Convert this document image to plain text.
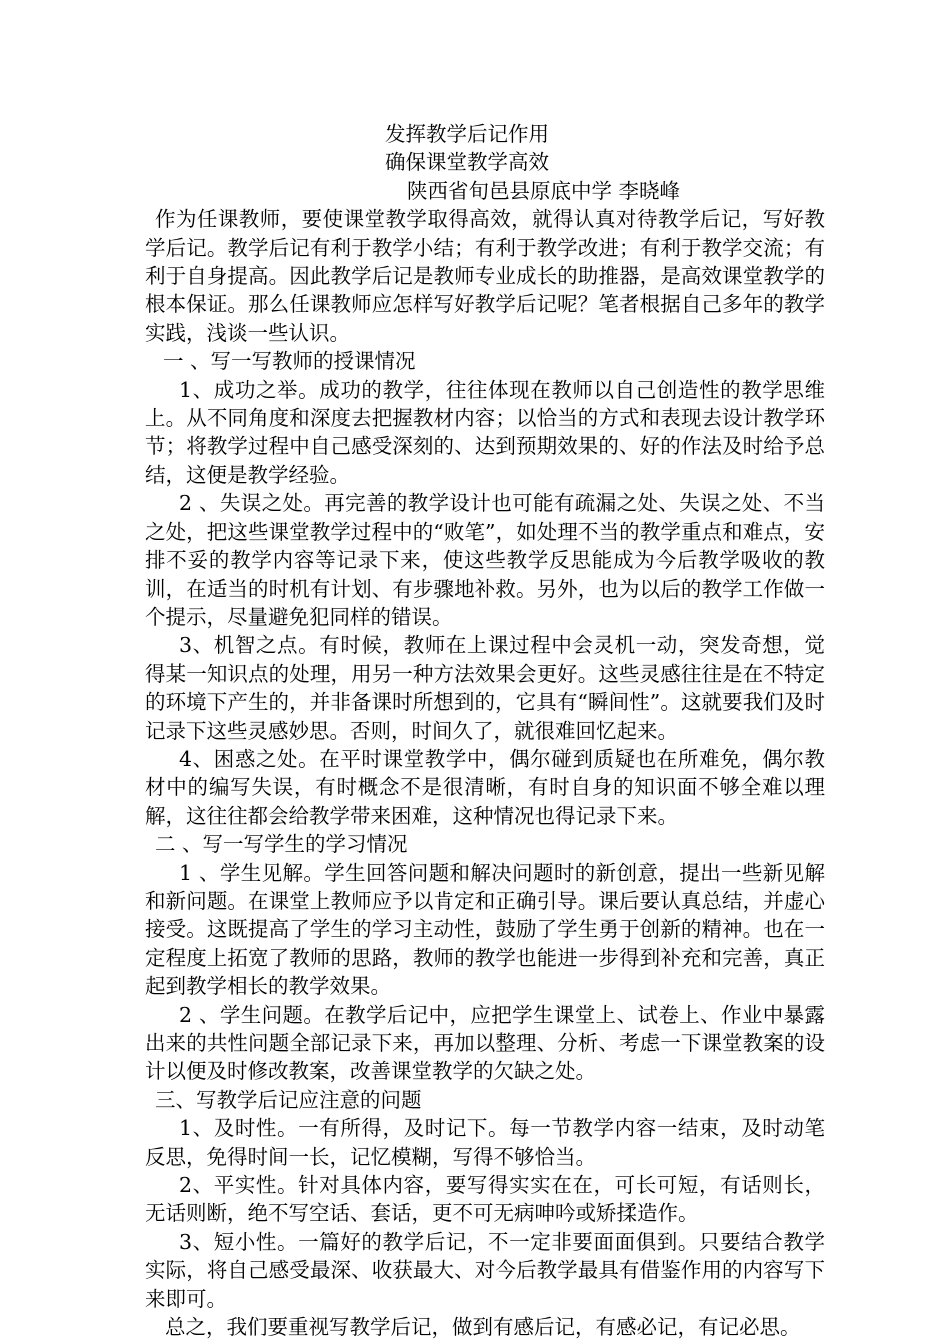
发挥教学后记作用

确保课堂教学高效

陕西省旬邑县原底中学 李晓峰

作为任课教师，要使课堂教学取得高效，就得认真对待教学后记，写好教学后记。教学后记有利于教学小结；有利于教学改进；有利于教学交流；有利于自身提高。因此教学后记是教师专业成长的助推器，是高效课堂教学的根本保证。那么任课教师应怎样写好教学后记呢？笔者根据自己多年的教学实践，浅谈一些认识。

一 、写一写教师的授课情况

1、成功之举。成功的教学，往往体现在教师以自己创造性的教学思维上。从不同角度和深度去把握教材内容；以恰当的方式和表现去设计教学环节；将教学过程中自己感受深刻的、达到预期效果的、好的作法及时给予总结，这便是教学经验。

2 、失误之处。再完善的教学设计也可能有疏漏之处、失误之处、不当之处，把这些课堂教学过程中的“败笔”，如处理不当的教学重点和难点，安排不妥的教学内容等记录下来，使这些教学反思能成为今后教学吸收的教训，在适当的时机有计划、有步骤地补救。另外，也为以后的教学工作做一个提示，尽量避免犯同样的错误。

3、机智之点。有时候，教师在上课过程中会灵机一动，突发奇想，觉得某一知识点的处理，用另一种方法效果会更好。这些灵感往往是在不特定的环境下产生的，并非备课时所想到的，它具有“瞬间性”。这就要我们及时记录下这些灵感妙思。否则，时间久了，就很难回忆起来。

4、困惑之处。在平时课堂教学中，偶尔碰到质疑也在所难免，偶尔教材中的编写失误，有时概念不是很清晰，有时自身的知识面不够全难以理解，这往往都会给教学带来困难，这种情况也得记录下来。

二 、写一写学生的学习情况

1 、学生见解。学生回答问题和解决问题时的新创意，提出一些新见解和新问题。在课堂上教师应予以肯定和正确引导。课后要认真总结，并虚心接受。这既提高了学生的学习主动性，鼓励了学生勇于创新的精神。也在一定程度上拓宽了教师的思路，教师的教学也能进一步得到补充和完善，真正起到教学相长的教学效果。

2 、学生问题。在教学后记中，应把学生课堂上、试卷上、作业中暴露出来的共性问题全部记录下来，再加以整理、分析、考虑一下课堂教案的设计以便及时修改教案，改善课堂教学的欠缺之处。

三、写教学后记应注意的问题

1、及时性。一有所得，及时记下。每一节教学内容一结束，及时动笔反思，免得时间一长，记忆模糊，写得不够恰当。

2、平实性。针对具体内容，要写得实实在在，可长可短，有话则长，无话则断，绝不写空话、套话，更不可无病呻吟或矫揉造作。

3、短小性。一篇好的教学后记，不一定非要面面俱到。只要结合教学实际，将自己感受最深、收获最大、对今后教学最具有借鉴作用的内容写下来即可。

总之，我们要重视写教学后记，做到有感后记，有感必记，有记必思。
